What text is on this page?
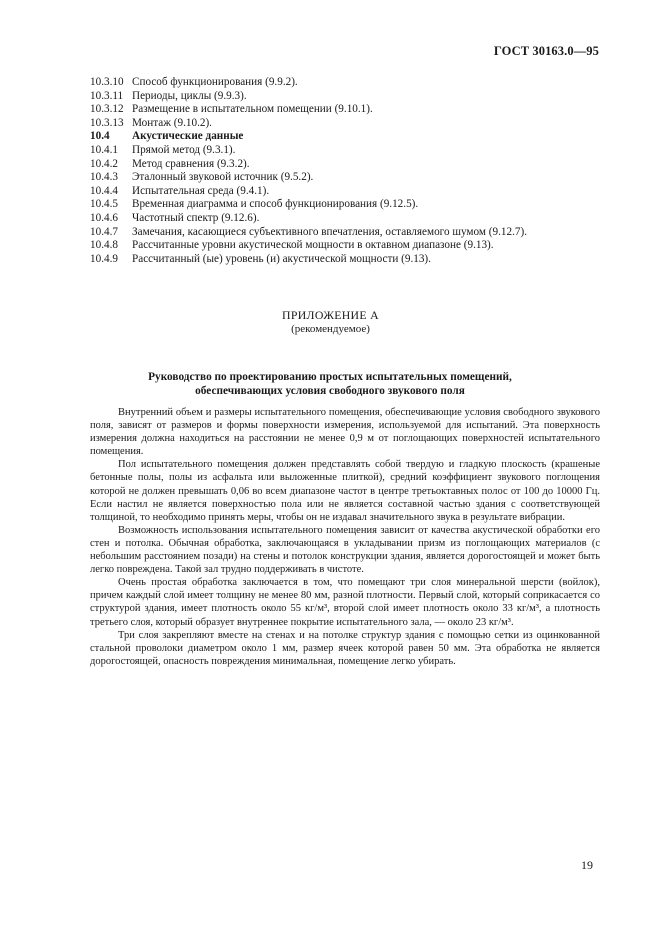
ГОСТ 30163.0—95
10.3.10 Способ функционирования (9.9.2).
10.3.11 Периоды, циклы (9.9.3).
10.3.12 Размещение в испытательном помещении (9.10.1).
10.3.13 Монтаж (9.10.2).
10.4 Акустические данные
10.4.1 Прямой метод (9.3.1).
10.4.2 Метод сравнения (9.3.2).
10.4.3 Эталонный звуковой источник (9.5.2).
10.4.4 Испытательная среда (9.4.1).
10.4.5 Временная диаграмма и способ функционирования (9.12.5).
10.4.6 Частотный спектр (9.12.6).
10.4.7 Замечания, касающиеся субъективного впечатления, оставляемого шумом (9.12.7).
10.4.8 Рассчитанные уровни акустической мощности в октавном диапазоне (9.13).
10.4.9 Рассчитанный (ые) уровень (и) акустической мощности (9.13).
ПРИЛОЖЕНИЕ А
(рекомендуемое)
Руководство по проектированию простых испытательных помещений,
обеспечивающих условия свободного звукового поля

Внутренний объем и размеры испытательного помещения, обеспечивающие условия свободного звукового поля, зависят от размеров и формы поверхности измерения, используемой для испытаний. Эта поверхность измерения должна находиться на расстоянии не менее 0,9 м от поглощающих поверхностей испытательного помещения.

Пол испытательного помещения должен представлять собой твердую и гладкую плоскость (крашеные бетонные полы, полы из асфальта или выложенные плиткой), средний коэффициент звукового поглощения которой не должен превышать 0,06 во всем диапазоне частот в центре третьоктавных полос от 100 до 10000 Гц. Если настил не является поверхностью пола или не является составной частью здания с соответствующей толщиной, то необходимо принять меры, чтобы он не издавал значительного звука в результате вибрации.

Возможность использования испытательного помещения зависит от качества акустической обработки его стен и потолка. Обычная обработка, заключающаяся в укладывании призм из поглощающих материалов (с небольшим расстоянием позади) на стены и потолок конструкции здания, является дорогостоящей и может быть легко повреждена. Такой зал трудно поддерживать в чистоте.

Очень простая обработка заключается в том, что помещают три слоя минеральной шерсти (войлок), причем каждый слой имеет толщину не менее 80 мм, разной плотности. Первый слой, который соприкасается со структурой здания, имеет плотность около 55 кг/м³, второй слой имеет плотность около 33 кг/м³, а плотность третьего слоя, который образует внутреннее покрытие испытательного зала, — около 23 кг/м³.

Три слоя закрепляют вместе на стенах и на потолке структур здания с помощью сетки из оцинкованной стальной проволоки диаметром около 1 мм, размер ячеек которой равен 50 мм. Эта обработка не является дорогостоящей, опасность повреждения минимальная, помещение легко убирать.

19
